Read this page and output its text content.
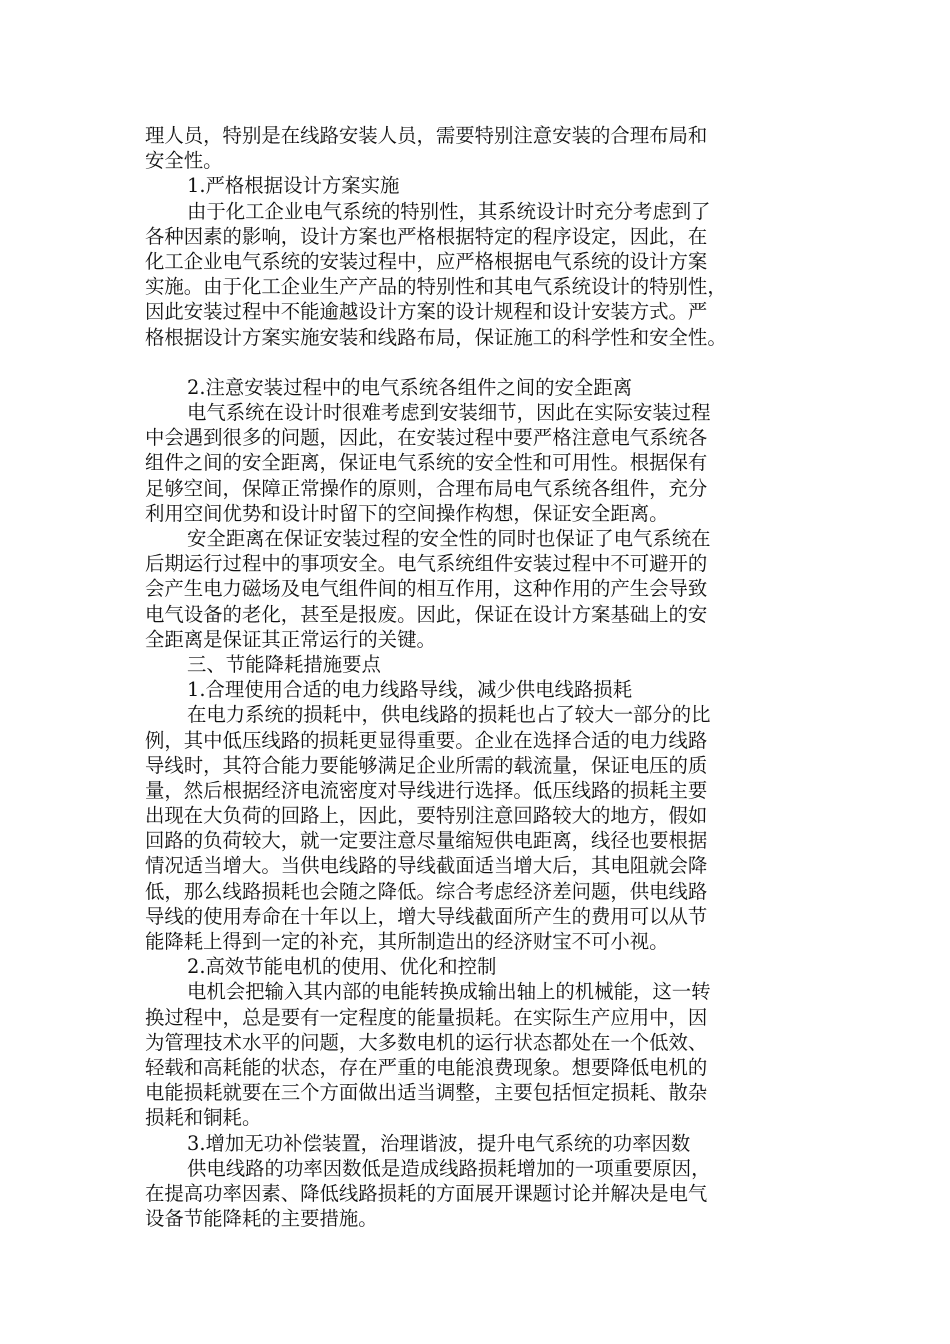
理人员，特别是在线路安装人员，需要特别注意安装的合理布局和
安全性。
1.严格根据设计方案实施
由于化工企业电气系统的特别性，其系统设计时充分考虑到了
各种因素的影响，设计方案也严格根据特定的程序设定，因此，在
化工企业电气系统的安装过程中，应严格根据电气系统的设计方案
实施。由于化工企业生产产品的特别性和其电气系统设计的特别性，
因此安装过程中不能逾越设计方案的设计规程和设计安装方式。严
格根据设计方案实施安装和线路布局，保证施工的科学性和安全性。
2.注意安装过程中的电气系统各组件之间的安全距离
电气系统在设计时很难考虑到安装细节，因此在实际安装过程
中会遇到很多的问题，因此，在安装过程中要严格注意电气系统各
组件之间的安全距离，保证电气系统的安全性和可用性。根据保有
足够空间，保障正常操作的原则，合理布局电气系统各组件，充分
利用空间优势和设计时留下的空间操作构想，保证安全距离。
安全距离在保证安装过程的安全性的同时也保证了电气系统在
后期运行过程中的事项安全。电气系统组件安装过程中不可避开的
会产生电力磁场及电气组件间的相互作用，这种作用的产生会导致
电气设备的老化，甚至是报废。因此，保证在设计方案基础上的安
全距离是保证其正常运行的关键。
三、节能降耗措施要点
1.合理使用合适的电力线路导线，减少供电线路损耗
在电力系统的损耗中，供电线路的损耗也占了较大一部分的比
例，其中低压线路的损耗更显得重要。企业在选择合适的电力线路
导线时，其符合能力要能够满足企业所需的载流量，保证电压的质
量，然后根据经济电流密度对导线进行选择。低压线路的损耗主要
出现在大负荷的回路上，因此，要特别注意回路较大的地方，假如
回路的负荷较大，就一定要注意尽量缩短供电距离，线径也要根据
情况适当增大。当供电线路的导线截面适当增大后，其电阻就会降
低，那么线路损耗也会随之降低。综合考虑经济差问题，供电线路
导线的使用寿命在十年以上，增大导线截面所产生的费用可以从节
能降耗上得到一定的补充，其所制造出的经济财宝不可小视。
2.高效节能电机的使用、优化和控制
电机会把输入其内部的电能转换成输出轴上的机械能，这一转
换过程中，总是要有一定程度的能量损耗。在实际生产应用中，因
为管理技术水平的问题，大多数电机的运行状态都处在一个低效、
轻载和高耗能的状态，存在严重的电能浪费现象。想要降低电机的
电能损耗就要在三个方面做出适当调整，主要包括恒定损耗、散杂
损耗和铜耗。
3.增加无功补偿装置，治理谐波，提升电气系统的功率因数
供电线路的功率因数低是造成线路损耗增加的一项重要原因，
在提高功率因素、降低线路损耗的方面展开课题讨论并解决是电气
设备节能降耗的主要措施。
